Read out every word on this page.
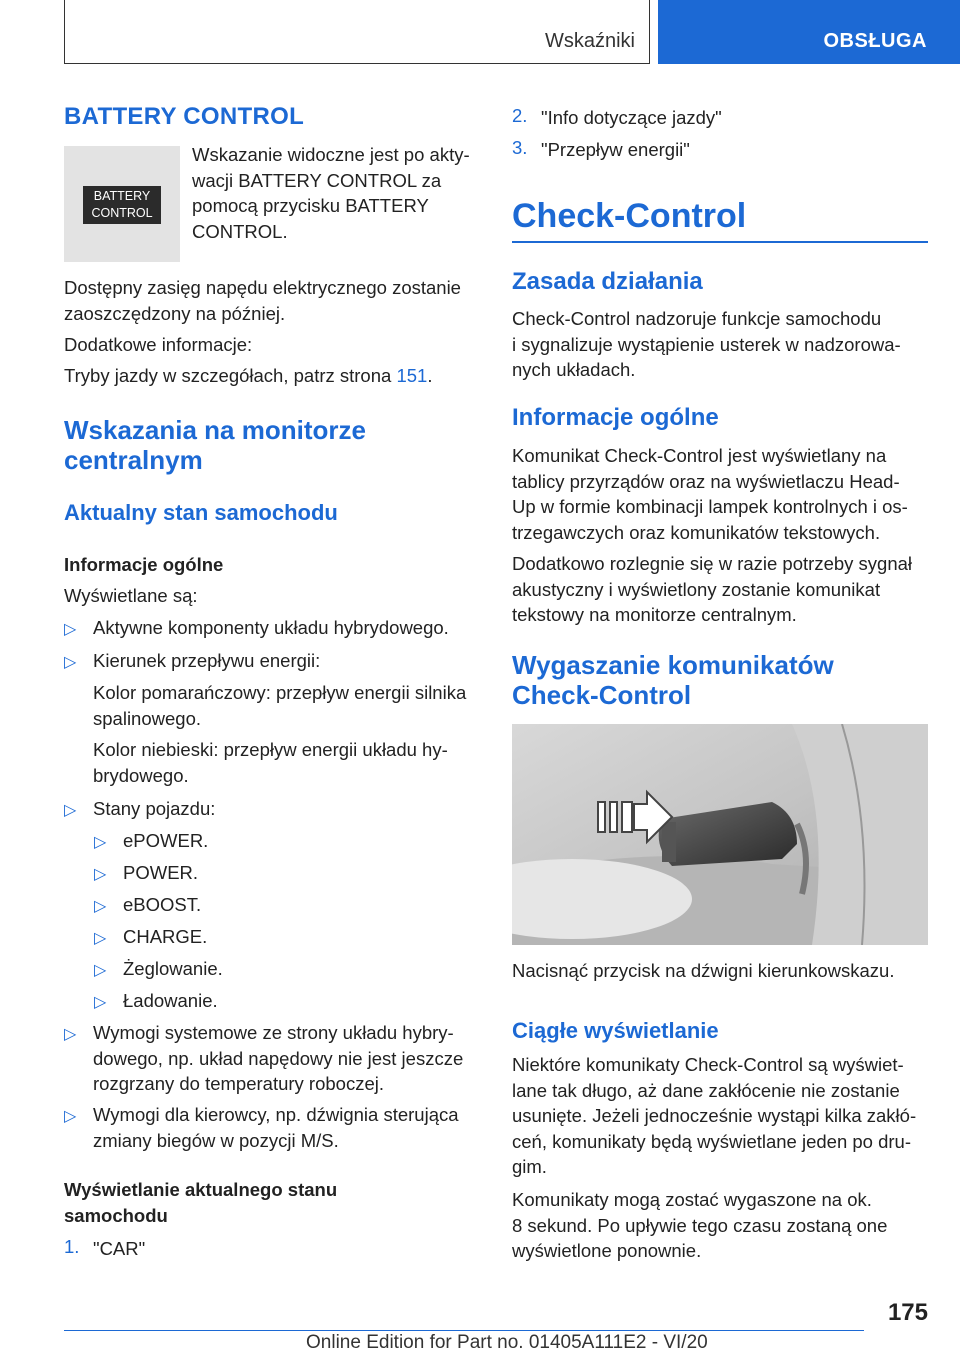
Wskaźniki	OBSŁUGA
BATTERY CONTROL
BATTERY
CONTROL
Wskazanie widoczne jest po akty-
wacji BATTERY CONTROL za
pomocą przycisku BATTERY
CONTROL.
Dostępny zasięg napędu elektrycznego zostanie
zaoszczędzony na później.
Dodatkowe informacje:
Tryby jazdy w szczegółach, patrz strona 151.
Wskazania na monitorze
centralnym
Aktualny stan samochodu
Informacje ogólne
Wyświetlane są:
▷ Aktywne komponenty układu hybrydowego.
▷ Kierunek przepływu energii:
Kolor pomarańczowy: przepływ energii silnika
spalinowego.
Kolor niebieski: przepływ energii układu hy-
brydowego.
▷ Stany pojazdu:
▷ ePOWER.
▷ POWER.
▷ eBOOST.
▷ CHARGE.
▷ Żeglowanie.
▷ Ładowanie.
▷ Wymogi systemowe ze strony układu hybry-
dowego, np. układ napędowy nie jest jeszcze
rozgrzany do temperatury roboczej.
▷ Wymogi dla kierowcy, np. dźwignia sterująca
zmiany biegów w pozycji M/S.
Wyświetlanie aktualnego stanu
samochodu
1. "CAR"
2. "Info dotyczące jazdy"
3. "Przepływ energii"
Check-Control
Zasada działania
Check-Control nadzoruje funkcje samochodu
i sygnalizuje wystąpienie usterek w nadzorowa-
nych układach.
Informacje ogólne
Komunikat Check-Control jest wyświetlany na
tablicy przyrządów oraz na wyświetlaczu Head-
Up w formie kombinacji lampek kontrolnych i os-
trzegawczych oraz komunikatów tekstowych.
Dodatkowo rozlegnie się w razie potrzeby sygnał
akustyczny i wyświetlony zostanie komunikat
tekstowy na monitorze centralnym.
Wygaszanie komunikatów
Check-Control
Nacisnąć przycisk na dźwigni kierunkowskazu.
Ciągłe wyświetlanie
Niektóre komunikaty Check-Control są wyświet-
lane tak długo, aż dane zakłócenie nie zostanie
usunięte. Jeżeli jednocześnie wystąpi kilka zakłó-
ceń, komunikaty będą wyświetlane jeden po dru-
gim.
Komunikaty mogą zostać wygaszone na ok.
8 sekund. Po upływie tego czasu zostaną one
wyświetlone ponownie.
175
Online Edition for Part no. 01405A111E2 - VI/20
